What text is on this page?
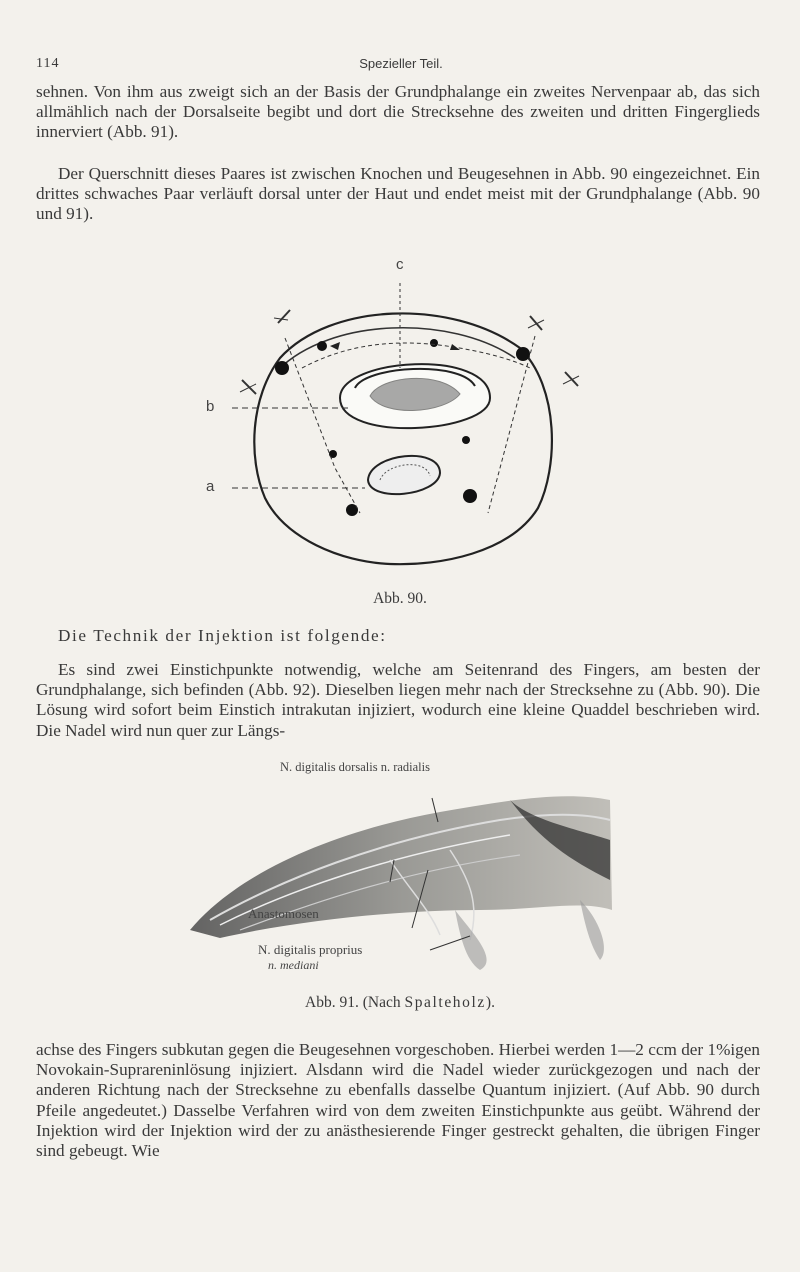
114	Spezieller Teil.

sehnen. Von ihm aus zweigt sich an der Basis der Grundphalange ein zweites Nervenpaar ab, das sich allmählich nach der Dorsalseite begibt und dort die Strecksehne des zweiten und dritten Fingerglieds innerviert (Abb. 91).

Der Querschnitt dieses Paares ist zwischen Knochen und Beugesehnen in Abb. 90 eingezeichnet. Ein drittes schwaches Paar verläuft dorsal unter der Haut und endet meist mit der Grundphalange (Abb. 90 und 91).

c
b
a
Abb. 90.

Die Technik der Injektion ist folgende:

Es sind zwei Einstichpunkte notwendig, welche am Seitenrand des Fingers, am besten der Grundphalange, sich befinden (Abb. 92). Dieselben liegen mehr nach der Strecksehne zu (Abb. 90). Die Lösung wird sofort beim Einstich intrakutan injiziert, wodurch eine kleine Quaddel beschrieben wird. Die Nadel wird nun quer zur Längs-

N. digitalis dorsalis n. radialis
Anastomosen
N. digitalis proprius
n. mediani
Abb. 91. (Nach Spalteholz).

achse des Fingers subkutan gegen die Beugesehnen vorgeschoben. Hierbei werden 1—2 ccm der 1%igen Novokain-Suprareninlösung injiziert. Alsdann wird die Nadel wieder zurückgezogen und nach der anderen Richtung nach der Strecksehne zu ebenfalls dasselbe Quantum injiziert. (Auf Abb. 90 durch Pfeile angedeutet.) Dasselbe Verfahren wird von dem zweiten Einstichpunkte aus geübt. Während der Injektion wird der Injektion wird der zu anästhesierende Finger gestreckt gehalten, die übrigen Finger sind gebeugt. Wie
